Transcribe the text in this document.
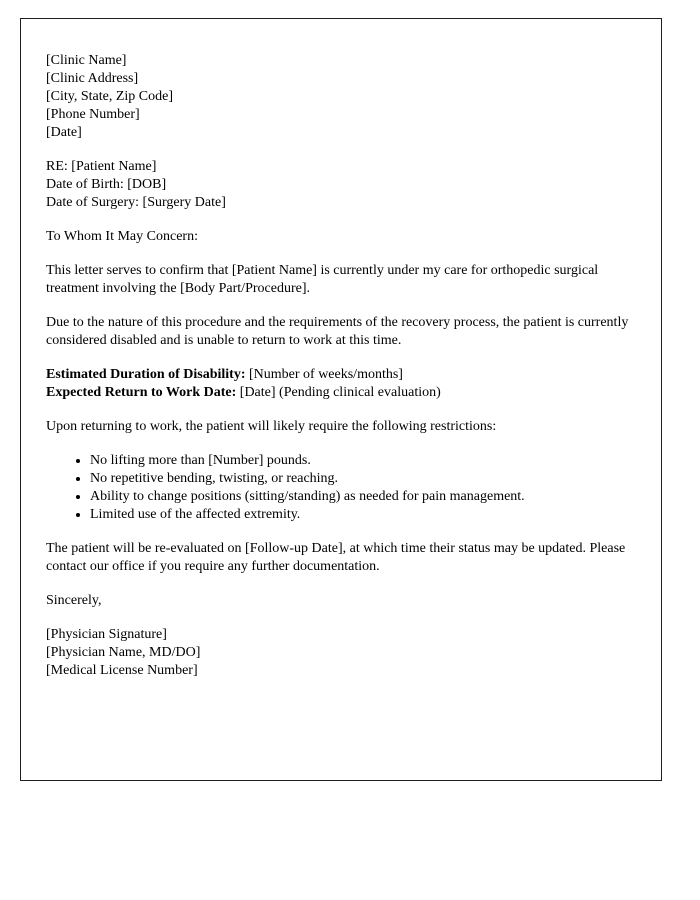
[Clinic Name]
[Clinic Address]
[City, State, Zip Code]
[Phone Number]
[Date]
RE: [Patient Name]
Date of Birth: [DOB]
Date of Surgery: [Surgery Date]

To Whom It May Concern:

This letter serves to confirm that [Patient Name] is currently under my care for orthopedic surgical treatment involving the [Body Part/Procedure].

Due to the nature of this procedure and the requirements of the recovery process, the patient is currently considered disabled and is unable to return to work at this time.

Estimated Duration of Disability: [Number of weeks/months]
Expected Return to Work Date: [Date] (Pending clinical evaluation)

Upon returning to work, the patient will likely require the following restrictions:

• No lifting more than [Number] pounds.
• No repetitive bending, twisting, or reaching.
• Ability to change positions (sitting/standing) as needed for pain management.
• Limited use of the affected extremity.

The patient will be re-evaluated on [Follow-up Date], at which time their status may be updated. Please contact our office if you require any further documentation.

Sincerely,

[Physician Signature]
[Physician Name, MD/DO]
[Medical License Number]
